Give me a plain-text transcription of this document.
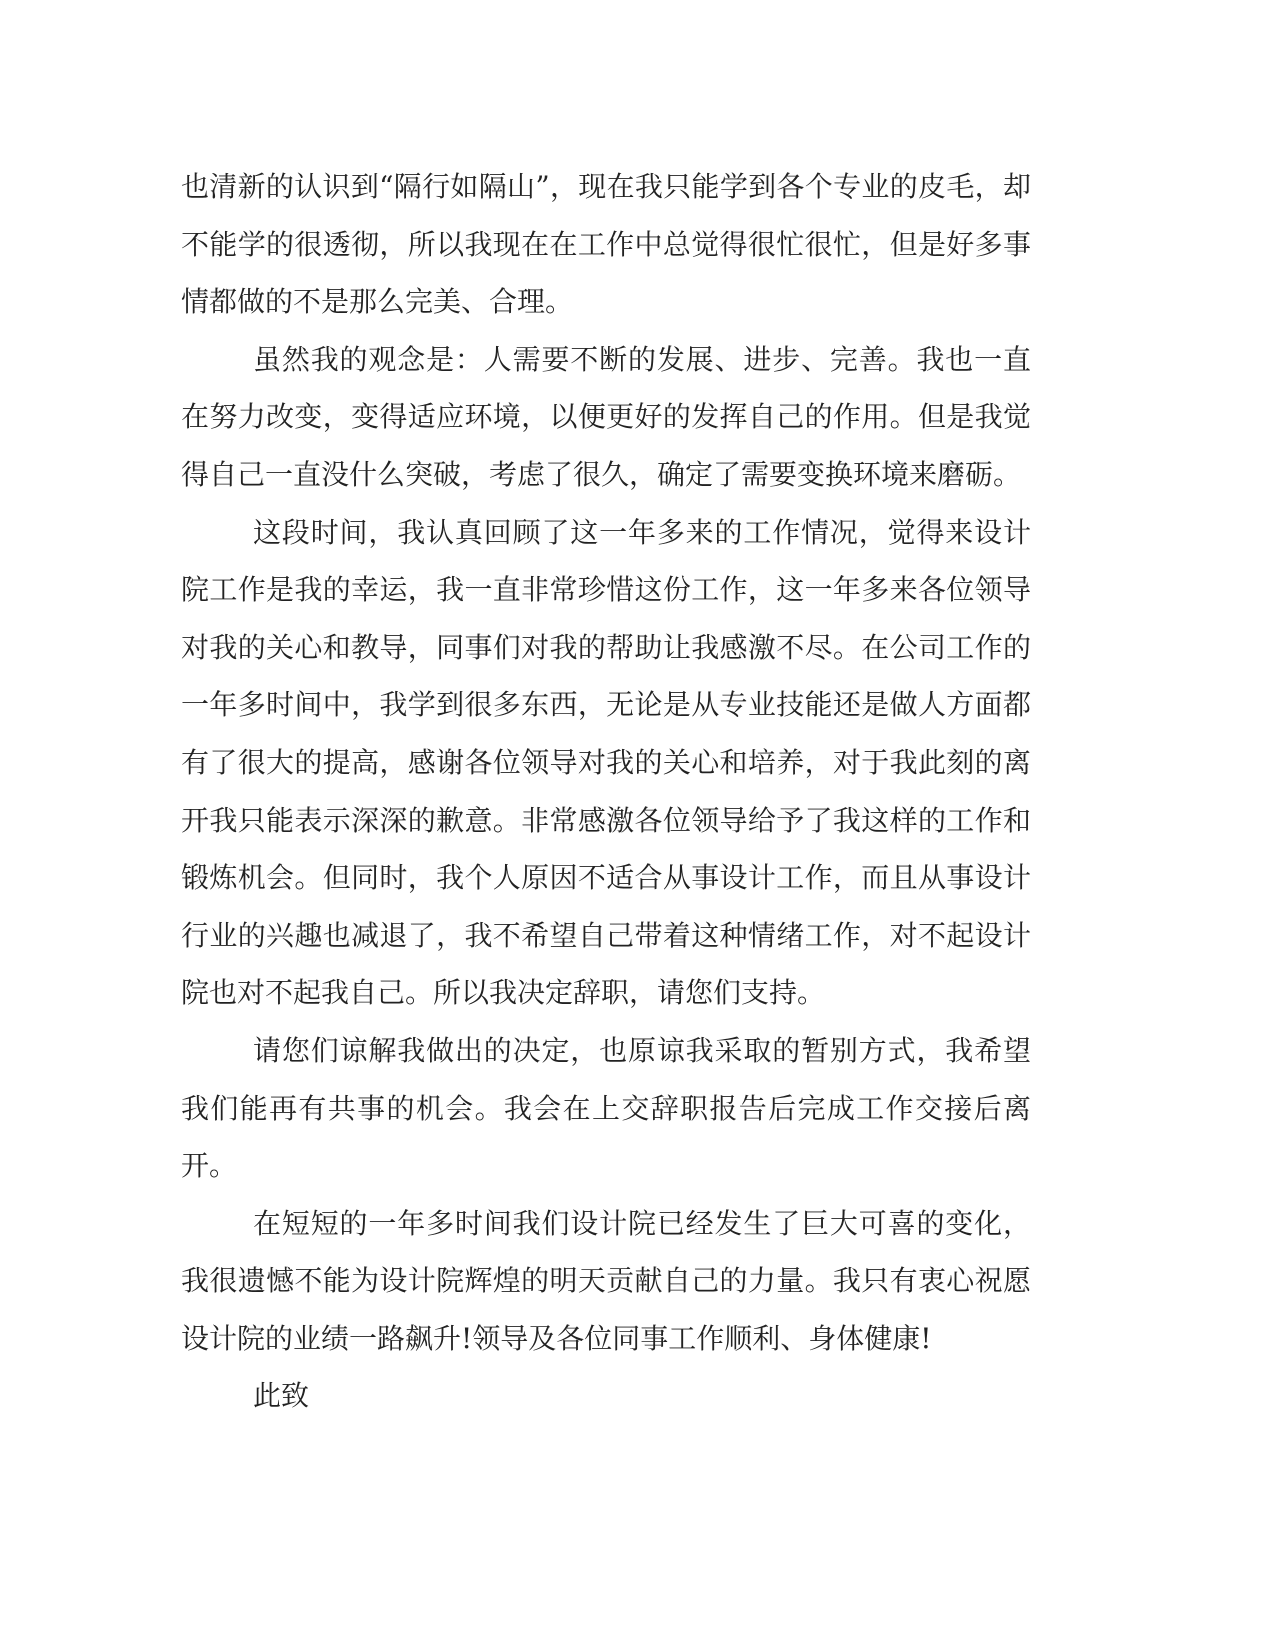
也清新的认识到“隔行如隔山”，现在我只能学到各个专业的皮毛，却不能学的很透彻，所以我现在在工作中总觉得很忙很忙，但是好多事情都做的不是那么完美、合理。

虽然我的观念是：人需要不断的发展、进步、完善。我也一直在努力改变，变得适应环境，以便更好的发挥自己的作用。但是我觉得自己一直没什么突破，考虑了很久，确定了需要变换环境来磨砺。

这段时间，我认真回顾了这一年多来的工作情况，觉得来设计院工作是我的幸运，我一直非常珍惜这份工作，这一年多来各位领导对我的关心和教导，同事们对我的帮助让我感激不尽。在公司工作的一年多时间中，我学到很多东西，无论是从专业技能还是做人方面都有了很大的提高，感谢各位领导对我的关心和培养，对于我此刻的离开我只能表示深深的歉意。非常感激各位领导给予了我这样的工作和锻炼机会。但同时，我个人原因不适合从事设计工作，而且从事设计行业的兴趣也减退了，我不希望自己带着这种情绪工作，对不起设计院也对不起我自己。所以我决定辞职，请您们支持。

请您们谅解我做出的决定，也原谅我采取的暂别方式，我希望我们能再有共事的机会。我会在上交辞职报告后完成工作交接后离开。

在短短的一年多时间我们设计院已经发生了巨大可喜的变化，我很遗憾不能为设计院辉煌的明天贡献自己的力量。我只有衷心祝愿设计院的业绩一路飙升!领导及各位同事工作顺利、身体健康!

此致
